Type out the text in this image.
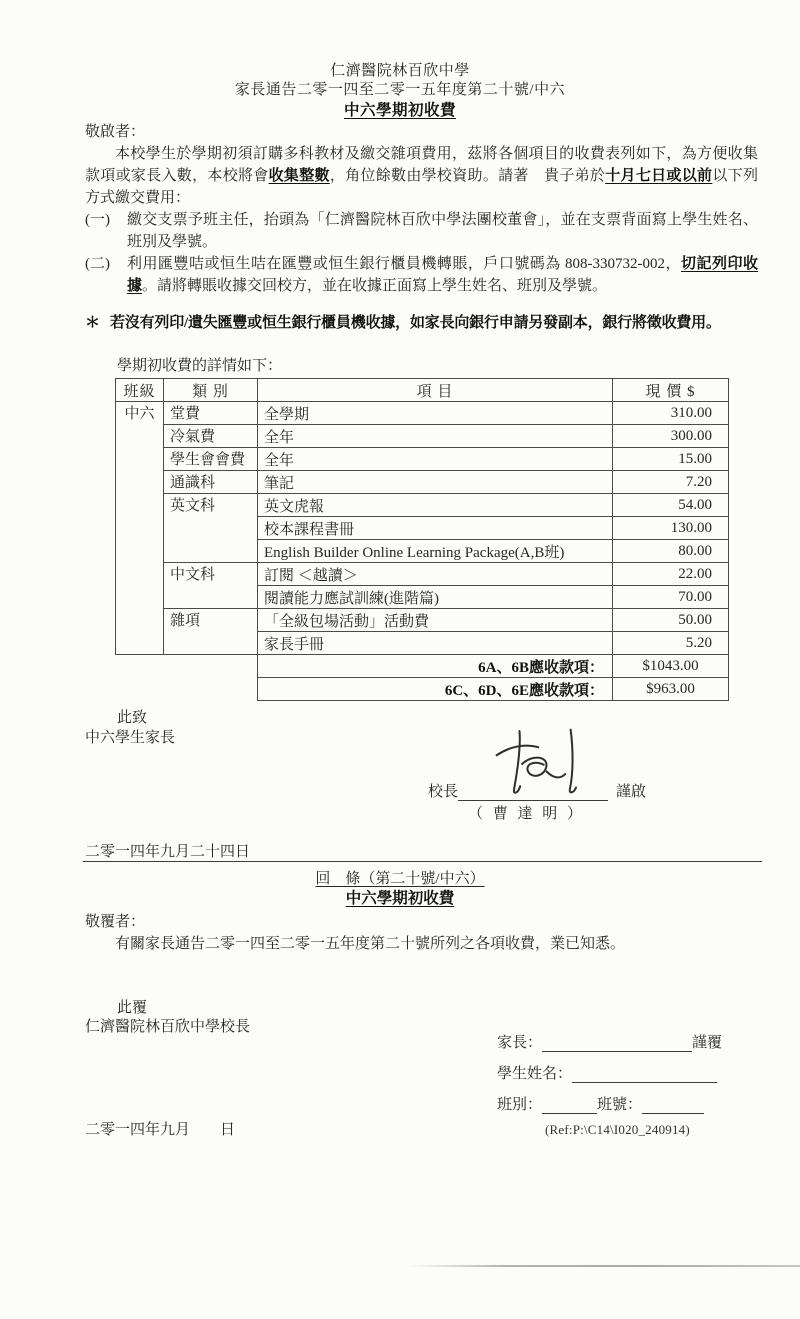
仁濟醫院林百欣中學
家長通告二零一四至二零一五年度第二十號/中六
中六學期初收費
敬啟者：

本校學生於學期初須訂購多科教材及繳交雜項費用，茲將各個項目的收費表列如下，為方便收集款項或家長入數，本校將會收集整數，角位餘數由學校資助。請著　貴子弟於十月七日或以前以下列方式繳交費用：

(一)	繳交支票予班主任，抬頭為「仁濟醫院林百欣中學法團校董會」，並在支票背面寫上學生姓名、班別及學號。
(二)	利用匯豐咭或恒生咭在匯豐或恒生銀行櫃員機轉賬，戶口號碼為 808-330732-002，切記列印收據。請將轉賬收據交回校方，並在收據正面寫上學生姓名、班別及學號。
＊ 若沒有列印/遺失匯豐或恒生銀行櫃員機收據，如家長向銀行申請另發副本，銀行將徵收費用。
學期初收費的詳情如下：
班級	類 別	項 目	現 價 $
中六	堂費	全學期	310.00
	冷氣費	全年	300.00
	學生會會費	全年	15.00
	通識科	筆記	7.20
	英文科	英文虎報	54.00
		校本課程書冊	130.00
		English Builder Online Learning Package(A,B班)	80.00
	中文科	訂閱 ＜越讀＞	22.00
		閱讀能力應試訓練(進階篇)	70.00
	雜項	「全級包場活動」活動費	50.00
		家長手冊	5.20
		6A、6B應收款項：	$1043.00
		6C、6D、6E應收款項：	$963.00
此致
中六學生家長
校長	謹啟
（ 曹 達 明 ）
二零一四年九月二十四日
回　條（第二十號/中六）
中六學期初收費
敬覆者：

有關家長通告二零一四至二零一五年度第二十號所列之各項收費，業已知悉。

此覆
仁濟醫院林百欣中學校長
家長：	謹覆
學生姓名：
班別：	班號：
二零一四年九月　　日	(Ref:P:\C14\I020_240914)
